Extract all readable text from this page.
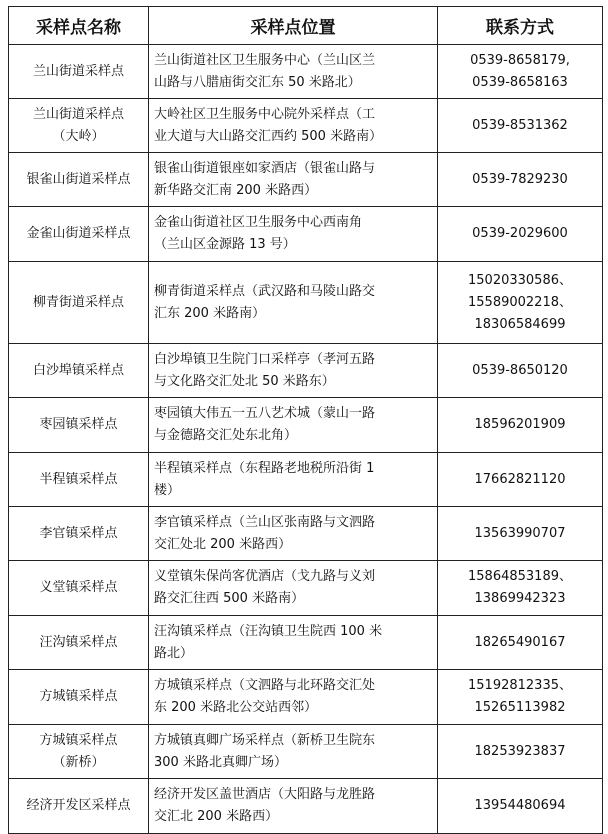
采样点名称	采样点位置	联系方式

兰山街道采样点	兰山街道社区卫生服务中心（兰山区兰
山路与八腊庙街交汇东 50 米路北）	0539-8658179,
0539-8658163

兰山街道采样点
（大岭）	大岭社区卫生服务中心院外采样点（工
业大道与大山路交汇西约 500 米路南）	0539-8531362

银雀山街道采样点	银雀山街道银座如家酒店（银雀山路与
新华路交汇南 200 米路西）	0539-7829230

金雀山街道采样点	金雀山街道社区卫生服务中心西南角
（兰山区金源路 13 号）	0539-2029600

柳青街道采样点	柳青街道采样点（武汉路和马陵山路交
汇东 200 米路南）	15020330586、
15589002218、
18306584699

白沙埠镇采样点	白沙埠镇卫生院门口采样亭（孝河五路
与文化路交汇处北 50 米路东）	0539-8650120

枣园镇采样点	枣园镇大伟五一五八艺术城（蒙山一路
与金德路交汇处东北角）	18596201909

半程镇采样点	半程镇采样点（东程路老地税所沿街 1
楼）	17662821120

李官镇采样点	李官镇采样点（兰山区张南路与文泗路
交汇处北 200 米路西）	13563990707

义堂镇采样点	义堂镇朱保尚客优酒店（戈九路与义刘
路交汇往西 500 米路南）	15864853189、
13869942323

汪沟镇采样点	汪沟镇采样点（汪沟镇卫生院西 100 米
路北）	18265490167

方城镇采样点	方城镇采样点（文泗路与北环路交汇处
东 200 米路北公交站西邻）	15192812335、
15265113982

方城镇采样点
（新桥）	方城镇真卿广场采样点（新桥卫生院东
300 米路北真卿广场）	18253923837

经济开发区采样点	经济开发区盖世酒店（大阳路与龙胜路
交汇北 200 米路西）	13954480694
